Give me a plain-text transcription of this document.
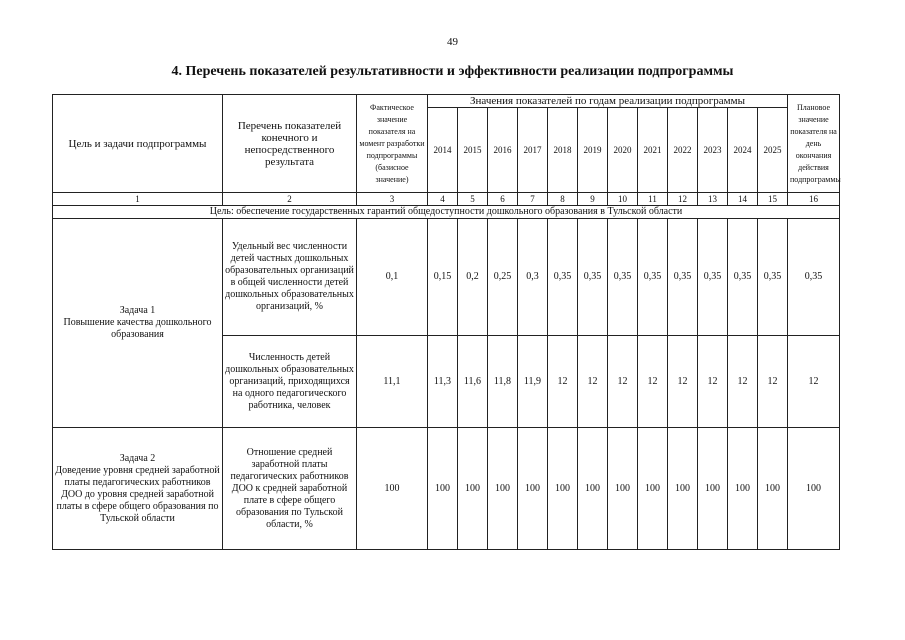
49
4. Перечень показателей результативности и эффективности реализации подпрограммы
Цель и задачи подпрограммы	Перечень показателей конечного и непосредственного результата	Фактическое значение показателя на момент разработки подпрограммы (базисное значение)	Значения показателей по годам реализации подпрограммы												Плановое значение показателя на день окончания действия подпрограммы
			2014	2015	2016	2017	2018	2019	2020	2021	2022	2023	2024	2025	
1	2	3	4	5	6	7	8	9	10	11	12	13	14	15	16
Цель: обеспечение государственных гарантий общедоступности дошкольного образования в Тульской области															

Задача 1
Повышение качества дошкольного образования	Удельный вес численности детей частных дошкольных образовательных организаций в общей численности детей дошкольных образовательных организаций, %	0,1	0,15	0,2	0,25	0,3	0,35	0,35	0,35	0,35	0,35	0,35	0,35	0,35	0,35
	Численность детей дошкольных образовательных организаций, приходящихся на одного педагогического работника, человек	11,1	11,3	11,6	11,8	11,9	12	12	12	12	12	12	12	12	12

Задача 2
Доведение уровня средней заработной платы педагогических работников ДОО до уровня средней заработной платы в сфере общего образования по Тульской области	Отношение средней заработной платы педагогических работников ДОО к средней заработной плате в сфере общего образования по Тульской области, %	100	100	100	100	100	100	100	100	100	100	100	100	100	100
